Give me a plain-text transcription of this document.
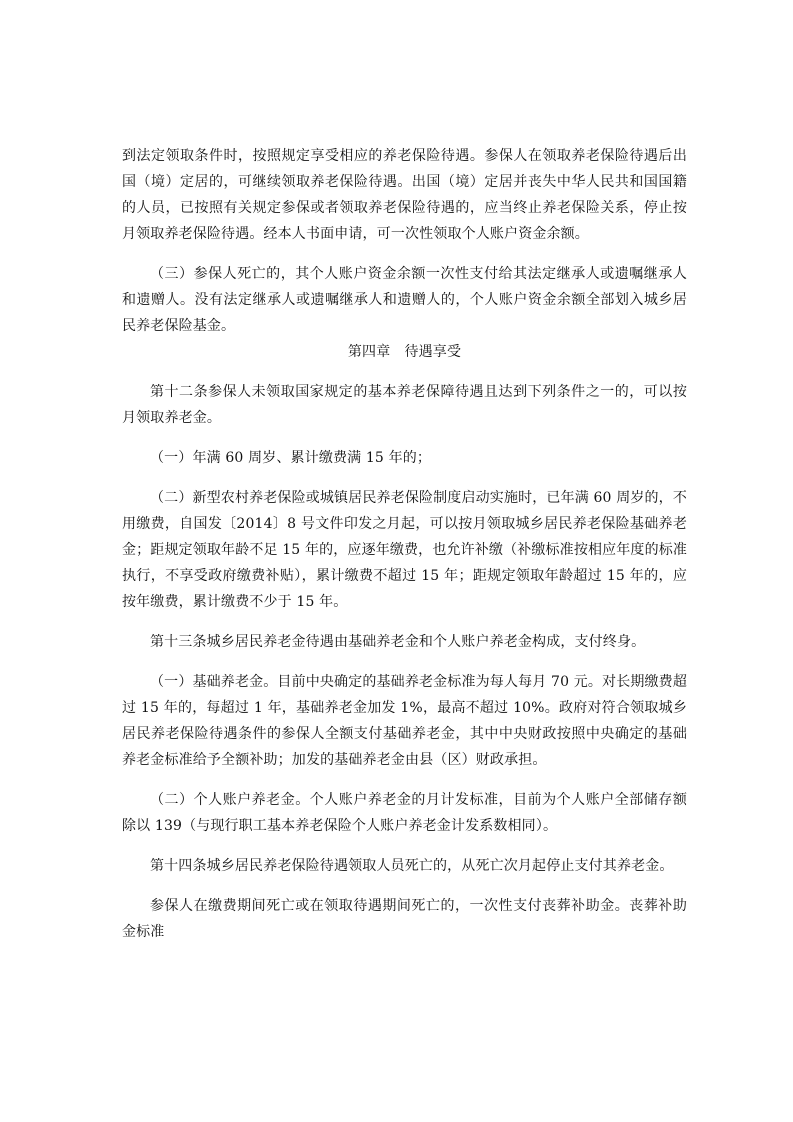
到法定领取条件时，按照规定享受相应的养老保险待遇。参保人在领取养老保险待遇后出国（境）定居的，可继续领取养老保险待遇。出国（境）定居并丧失中华人民共和国国籍的人员，已按照有关规定参保或者领取养老保险待遇的，应当终止养老保险关系，停止按月领取养老保险待遇。经本人书面申请，可一次性领取个人账户资金余额。

（三）参保人死亡的，其个人账户资金余额一次性支付给其法定继承人或遗嘱继承人和遗赠人。没有法定继承人或遗嘱继承人和遗赠人的，个人账户资金余额全部划入城乡居民养老保险基金。

第四章　待遇享受

第十二条参保人未领取国家规定的基本养老保障待遇且达到下列条件之一的，可以按月领取养老金。

（一）年满 60 周岁、累计缴费满 15 年的；

（二）新型农村养老保险或城镇居民养老保险制度启动实施时，已年满 60 周岁的，不用缴费，自国发〔2014〕8 号文件印发之月起，可以按月领取城乡居民养老保险基础养老金；距规定领取年龄不足 15 年的，应逐年缴费，也允许补缴（补缴标准按相应年度的标准执行，不享受政府缴费补贴），累计缴费不超过 15 年；距规定领取年龄超过 15 年的，应按年缴费，累计缴费不少于 15 年。

第十三条城乡居民养老金待遇由基础养老金和个人账户养老金构成，支付终身。

（一）基础养老金。目前中央确定的基础养老金标准为每人每月 70 元。对长期缴费超过 15 年的，每超过 1 年，基础养老金加发 1%，最高不超过 10%。政府对符合领取城乡居民养老保险待遇条件的参保人全额支付基础养老金，其中中央财政按照中央确定的基础养老金标准给予全额补助；加发的基础养老金由县（区）财政承担。

（二）个人账户养老金。个人账户养老金的月计发标准，目前为个人账户全部储存额除以 139（与现行职工基本养老保险个人账户养老金计发系数相同）。

第十四条城乡居民养老保险待遇领取人员死亡的，从死亡次月起停止支付其养老金。

参保人在缴费期间死亡或在领取待遇期间死亡的，一次性支付丧葬补助金。丧葬补助金标准
